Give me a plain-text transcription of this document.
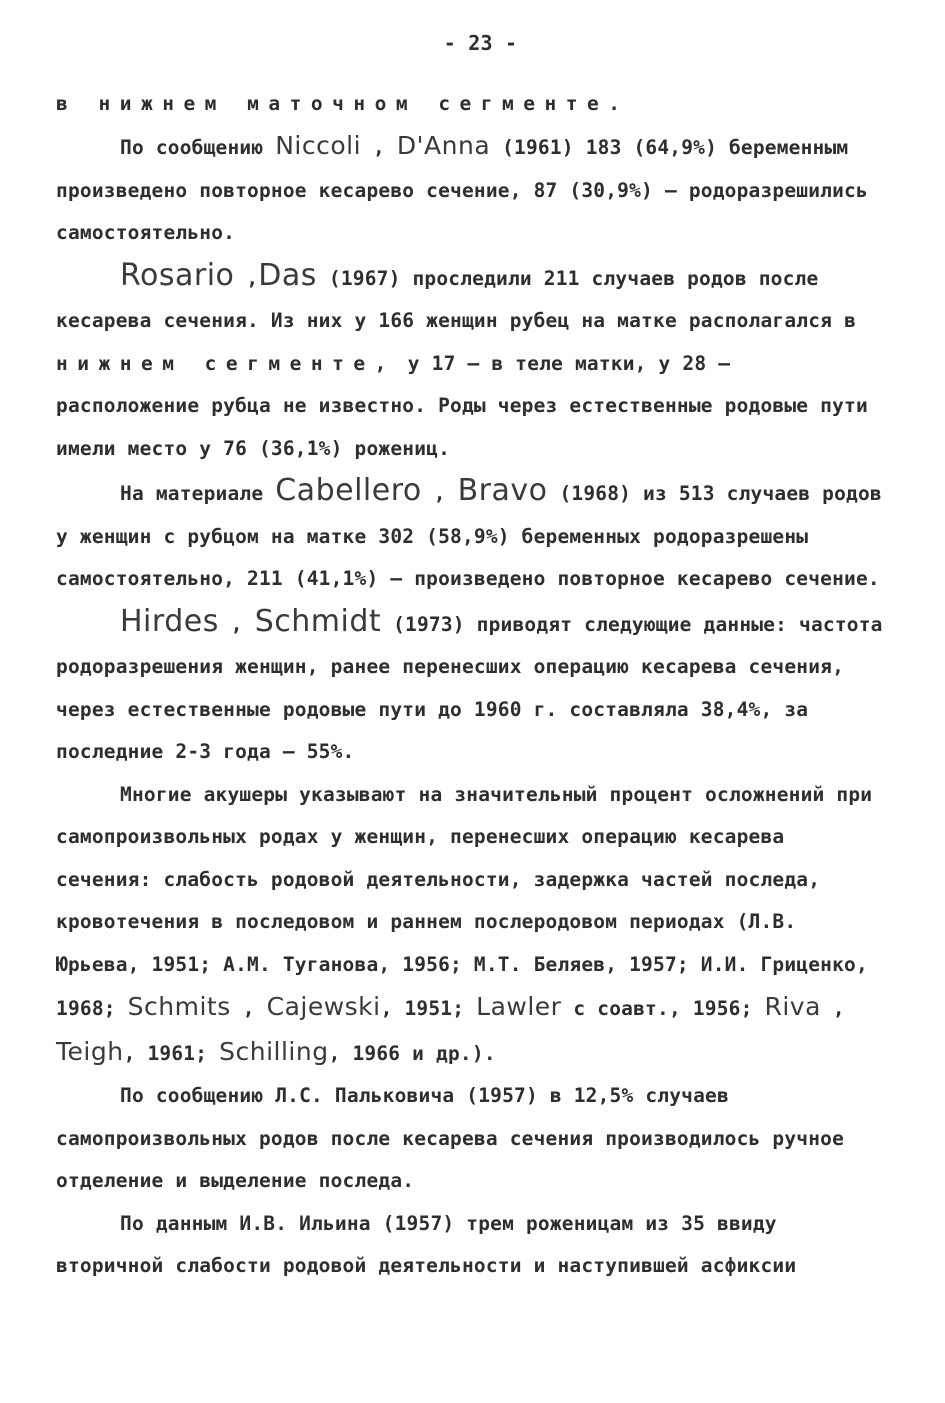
- 23 -

в нижнем маточном сегменте.

По сообщению Niccoli , D'Anna (1961) 183 (64,9%) беременным произведено повторное кесарево сечение, 87 (30,9%) – родоразрешились самостоятельно.

Rosario ,Das (1967) проследили 211 случаев родов после кесарева сечения. Из них у 166 женщин рубец на матке располагался в нижнем сегменте, у 17 – в теле матки, у 28 – расположение рубца не известно. Роды через естественные родовые пути имели место у 76 (36,1%) рожениц.

На материале Cabellero , Bravo (1968) из 513 случаев родов у женщин с рубцом на матке 302 (58,9%) беременных родоразрешены самостоятельно, 211 (41,1%) – произведено повторное кесарево сечение.

Hirdes , Schmidt (1973) приводят следующие данные: частота родоразрешения женщин, ранее перенесших операцию кесарева сечения, через естественные родовые пути до 1960 г. составляла 38,4%, за последние 2-3 года – 55%.

Многие акушеры указывают на значительный процент осложнений при самопроизвольных родах у женщин, перенесших операцию кесарева сечения: слабость родовой деятельности, задержка частей последа, кровотечения в последовом и раннем послеродовом периодах (Л.В. Юрьева, 1951; А.М. Туганова, 1956; М.Т. Беляев, 1957; И.И. Гриценко, 1968; Schmits , Cajewski, 1951; Lawler с соавт., 1956; Riva , Teigh, 1961; Schilling, 1966 и др.).

По сообщению Л.С. Пальковича (1957) в 12,5% случаев самопроизвольных родов после кесарева сечения производилось ручное отделение и выделение последа.

По данным И.В. Ильина (1957) трем роженицам из 35 ввиду вторичной слабости родовой деятельности и наступившей асфиксии
